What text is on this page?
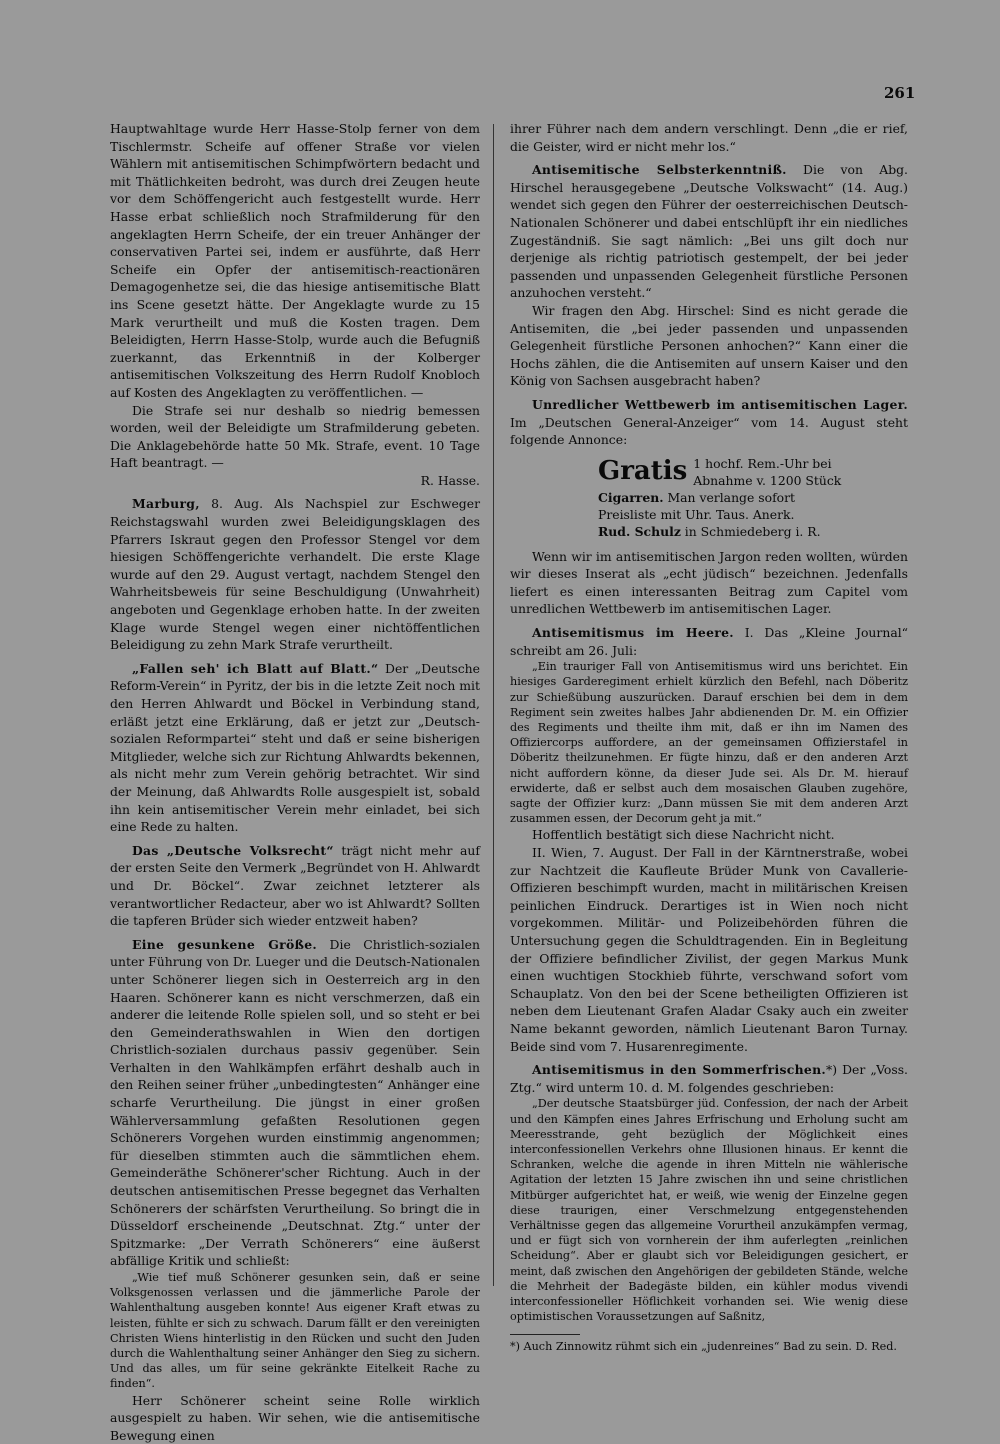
261

Hauptwahltage wurde Herr Hasse-Stolp ferner von dem Tischlermstr. Scheife auf offener Straße vor vielen Wählern mit antisemitischen Schimpfwörtern bedacht und mit Thätlichkeiten bedroht, was durch drei Zeugen heute vor dem Schöffengericht auch festgestellt wurde. Herr Hasse erbat schließlich noch Strafmilderung für den angeklagten Herrn Scheife, der ein treuer Anhänger der conservativen Partei sei, indem er ausführte, daß Herr Scheife ein Opfer der antisemitisch-reactionären Demagogenhetze sei, die das hiesige antisemitische Blatt ins Scene gesetzt hätte. Der Angeklagte wurde zu 15 Mark verurtheilt und muß die Kosten tragen. Dem Beleidigten, Herrn Hasse-Stolp, wurde auch die Befugniß zuerkannt, das Erkenntniß in der Kolberger antisemitischen Volkszeitung des Herrn Rudolf Knobloch auf Kosten des Angeklagten zu veröffentlichen. —

Die Strafe sei nur deshalb so niedrig bemessen worden, weil der Beleidigte um Strafmilderung gebeten. Die Anklagebehörde hatte 50 Mk. Strafe, event. 10 Tage Haft beantragt. —

R. Hasse.

Marburg, 8. Aug. Als Nachspiel zur Eschweger Reichstagswahl wurden zwei Beleidigungsklagen des Pfarrers Iskraut gegen den Professor Stengel vor dem hiesigen Schöffengerichte verhandelt. Die erste Klage wurde auf den 29. August vertagt, nachdem Stengel den Wahrheitsbeweis für seine Beschuldigung (Unwahrheit) angeboten und Gegenklage erhoben hatte. In der zweiten Klage wurde Stengel wegen einer nichtöffentlichen Beleidigung zu zehn Mark Strafe verurtheilt.

„Fallen seh' ich Blatt auf Blatt.“ Der „Deutsche Reform-Verein“ in Pyritz, der bis in die letzte Zeit noch mit den Herren Ahlwardt und Böckel in Verbindung stand, erläßt jetzt eine Erklärung, daß er jetzt zur „Deutsch-sozialen Reformpartei“ steht und daß er seine bisherigen Mitglieder, welche sich zur Richtung Ahlwardts bekennen, als nicht mehr zum Verein gehörig betrachtet. Wir sind der Meinung, daß Ahlwardts Rolle ausgespielt ist, sobald ihn kein antisemitischer Verein mehr einladet, bei sich eine Rede zu halten.

Das „Deutsche Volksrecht“ trägt nicht mehr auf der ersten Seite den Vermerk „Begründet von H. Ahlwardt und Dr. Böckel“. Zwar zeichnet letzterer als verantwortlicher Redacteur, aber wo ist Ahlwardt? Sollten die tapferen Brüder sich wieder entzweit haben?

Eine gesunkene Größe. Die Christlich-sozialen unter Führung von Dr. Lueger und die Deutsch-Nationalen unter Schönerer liegen sich in Oesterreich arg in den Haaren. Schönerer kann es nicht verschmerzen, daß ein anderer die leitende Rolle spielen soll, und so steht er bei den Gemeinderathswahlen in Wien den dortigen Christlich-sozialen durchaus passiv gegenüber. Sein Verhalten in den Wahlkämpfen erfährt deshalb auch in den Reihen seiner früher „unbedingtesten“ Anhänger eine scharfe Verurtheilung. Die jüngst in einer großen Wählerversammlung gefaßten Resolutionen gegen Schönerers Vorgehen wurden einstimmig angenommen; für dieselben stimmten auch die sämmtlichen ehem. Gemeinderäthe Schönerer'scher Richtung. Auch in der deutschen antisemitischen Presse begegnet das Verhalten Schönerers der schärfsten Verurtheilung. So bringt die in Düsseldorf erscheinende „Deutschnat. Ztg.“ unter der Spitzmarke: „Der Verrath Schönerers“ eine äußerst abfällige Kritik und schließt:

„Wie tief muß Schönerer gesunken sein, daß er seine Volksgenossen verlassen und die jämmerliche Parole der Wahlenthaltung ausgeben konnte! Aus eigener Kraft etwas zu leisten, fühlte er sich zu schwach. Darum fällt er den vereinigten Christen Wiens hinterlistig in den Rücken und sucht den Juden durch die Wahlenthaltung seiner Anhänger den Sieg zu sichern. Und das alles, um für seine gekränkte Eitelkeit Rache zu finden“.

Herr Schönerer scheint seine Rolle wirklich ausgespielt zu haben. Wir sehen, wie die antisemitische Bewegung einen

ihrer Führer nach dem andern verschlingt. Denn „die er rief, die Geister, wird er nicht mehr los.“

Antisemitische Selbsterkenntniß. Die von Abg. Hirschel herausgegebene „Deutsche Volkswacht“ (14. Aug.) wendet sich gegen den Führer der oesterreichischen Deutsch-Nationalen Schönerer und dabei entschlüpft ihr ein niedliches Zugeständniß. Sie sagt nämlich: „Bei uns gilt doch nur derjenige als richtig patriotisch gestempelt, der bei jeder passenden und unpassenden Gelegenheit fürstliche Personen anzuhochen versteht.“

Wir fragen den Abg. Hirschel: Sind es nicht gerade die Antisemiten, die „bei jeder passenden und unpassenden Gelegenheit fürstliche Personen anhochen?“ Kann einer die Hochs zählen, die die Antisemiten auf unsern Kaiser und den König von Sachsen ausgebracht haben?

Unredlicher Wettbewerb im antisemitischen Lager. Im „Deutschen General-Anzeiger“ vom 14. August steht folgende Annonce:

Gratis 1 hochf. Rem.-Uhr bei
Abnahme v. 1200 Stück
Cigarren. Man verlange sofort
Preisliste mit Uhr. Taus. Anerk.
Rud. Schulz in Schmiedeberg i. R.

Wenn wir im antisemitischen Jargon reden wollten, würden wir dieses Inserat als „echt jüdisch“ bezeichnen. Jedenfalls liefert es einen interessanten Beitrag zum Capitel vom unredlichen Wettbewerb im antisemitischen Lager.

Antisemitismus im Heere. I. Das „Kleine Journal“ schreibt am 26. Juli:

„Ein trauriger Fall von Antisemitismus wird uns berichtet. Ein hiesiges Garderegiment erhielt kürzlich den Befehl, nach Döberitz zur Schießübung auszurücken. Darauf erschien bei dem in dem Regiment sein zweites halbes Jahr abdienenden Dr. M. ein Offizier des Regiments und theilte ihm mit, daß er ihn im Namen des Offiziercorps auffordere, an der gemeinsamen Offizierstafel in Döberitz theilzunehmen. Er fügte hinzu, daß er den anderen Arzt nicht auffordern könne, da dieser Jude sei. Als Dr. M. hierauf erwiderte, daß er selbst auch dem mosaischen Glauben zugehöre, sagte der Offizier kurz: „Dann müssen Sie mit dem anderen Arzt zusammen essen, der Decorum geht ja mit.“

Hoffentlich bestätigt sich diese Nachricht nicht.

II. Wien, 7. August. Der Fall in der Kärntnerstraße, wobei zur Nachtzeit die Kaufleute Brüder Munk von Cavallerie-Offizieren beschimpft wurden, macht in militärischen Kreisen peinlichen Eindruck. Derartiges ist in Wien noch nicht vorgekommen. Militär- und Polizeibehörden führen die Untersuchung gegen die Schuldtragenden. Ein in Begleitung der Offiziere befindlicher Zivilist, der gegen Markus Munk einen wuchtigen Stockhieb führte, verschwand sofort vom Schauplatz. Von den bei der Scene betheiligten Offizieren ist neben dem Lieutenant Grafen Aladar Csaky auch ein zweiter Name bekannt geworden, nämlich Lieutenant Baron Turnay. Beide sind vom 7. Husarenregimente.

Antisemitismus in den Sommerfrischen.*) Der „Voss. Ztg.“ wird unterm 10. d. M. folgendes geschrieben:

„Der deutsche Staatsbürger jüd. Confession, der nach der Arbeit und den Kämpfen eines Jahres Erfrischung und Erholung sucht am Meeresstrande, geht bezüglich der Möglichkeit eines interconfessionellen Verkehrs ohne Illusionen hinaus. Er kennt die Schranken, welche die agende in ihren Mitteln nie wählerische Agitation der letzten 15 Jahre zwischen ihn und seine christlichen Mitbürger aufgerichtet hat, er weiß, wie wenig der Einzelne gegen diese traurigen, einer Verschmelzung entgegenstehenden Verhältnisse gegen das allgemeine Vorurtheil anzukämpfen vermag, und er fügt sich von vornherein der ihm auferlegten „reinlichen Scheidung“. Aber er glaubt sich vor Beleidigungen gesichert, er meint, daß zwischen den Angehörigen der gebildeten Stände, welche die Mehrheit der Badegäste bilden, ein kühler modus vivendi interconfessioneller Höflichkeit vorhanden sei. Wie wenig diese optimistischen Voraussetzungen auf Saßnitz,

*) Auch Zinnowitz rühmt sich ein „judenreines“ Bad zu sein. D. Red.
